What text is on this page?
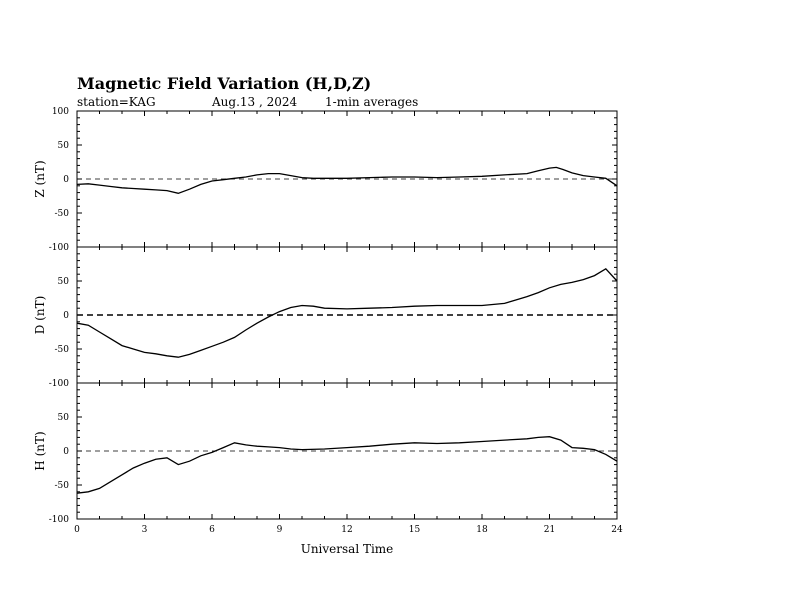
Magnetic Field Variation (H,D,Z)
station=KAG	Aug.13 , 2024 1-min averages
100
50
0
-50
-100
Z (nT)
50
0
-50
-100
D (nT)
50
0
-50
-100
H (nT)
0	3	6	9	12	15	18	21	24
Universal Time
